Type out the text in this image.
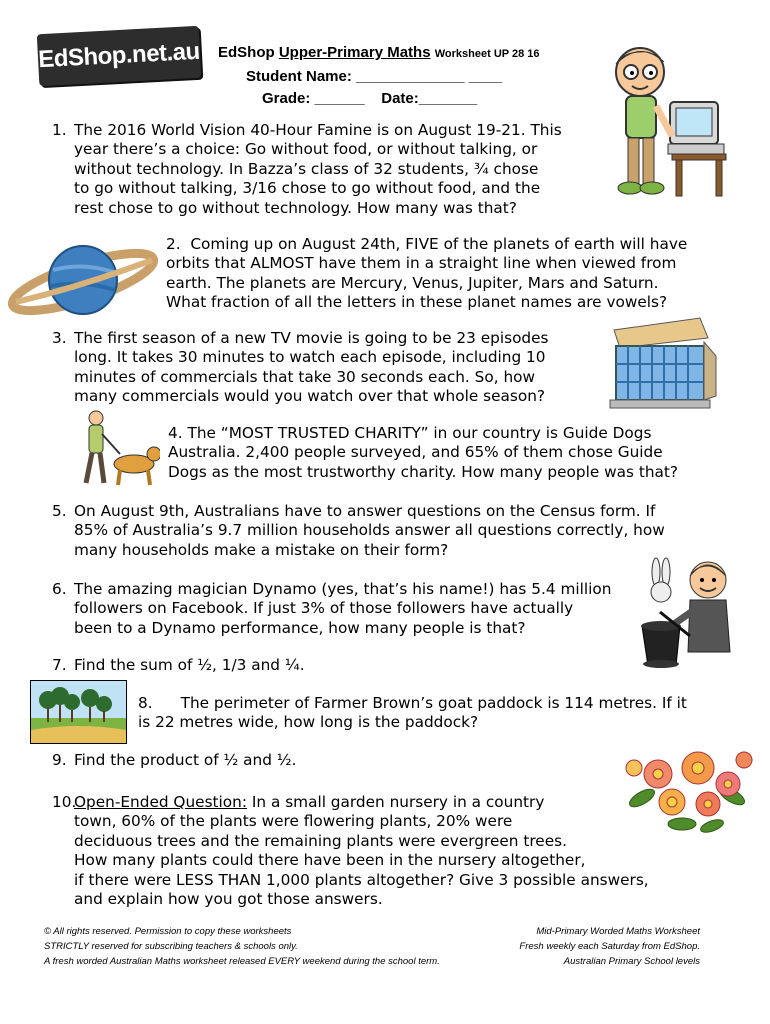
EdShop.net.au EdShop Upper-Primary Maths Worksheet UP 28 16
Student Name: _____________ ____
Grade: ______    Date:_______
1. The 2016 World Vision 40-Hour Famine is on August 19-21. This
year there’s a choice: Go without food, or without talking, or
without technology. In Bazza’s class of 32 students, ¾ chose
to go without talking, 3/16 chose to go without food, and the
rest chose to go without technology. How many was that?
2. Coming up on August 24th, FIVE of the planets of earth will have
orbits that ALMOST have them in a straight line when viewed from
earth. The planets are Mercury, Venus, Jupiter, Mars and Saturn.
What fraction of all the letters in these planet names are vowels?
3. The first season of a new TV movie is going to be 23 episodes
long. It takes 30 minutes to watch each episode, including 10
minutes of commercials that take 30 seconds each. So, how
many commercials would you watch over that whole season?
4. The “MOST TRUSTED CHARITY” in our country is Guide Dogs
Australia. 2,400 people surveyed, and 65% of them chose Guide
Dogs as the most trustworthy charity. How many people was that?
5. On August 9th, Australians have to answer questions on the Census form. If
85% of Australia’s 9.7 million households answer all questions correctly, how
many households make a mistake on their form?
6. The amazing magician Dynamo (yes, that’s his name!) has 5.4 million
followers on Facebook. If just 3% of those followers have actually
been to a Dynamo performance, how many people is that?
7. Find the sum of ½, 1/3 and ¼.
8. The perimeter of Farmer Brown’s goat paddock is 114 metres. If it
is 22 metres wide, how long is the paddock?
9. Find the product of ½ and ½.
10.
Open-Ended Question: In a small garden nursery in a country
town, 60% of the plants were flowering plants, 20% were
deciduous trees and the remaining plants were evergreen trees.
How many plants could there have been in the nursery altogether,
if there were LESS THAN 1,000 plants altogether? Give 3 possible answers,
and explain how you got those answers.
© All rights reserved. Permission to copy these worksheets
STRICTLY reserved for subscribing teachers & schools only.
A fresh worded Australian Maths worksheet released EVERY weekend during the school term.
Mid-Primary Worded Maths Worksheet
Fresh weekly each Saturday from EdShop.
Australian Primary School levels
